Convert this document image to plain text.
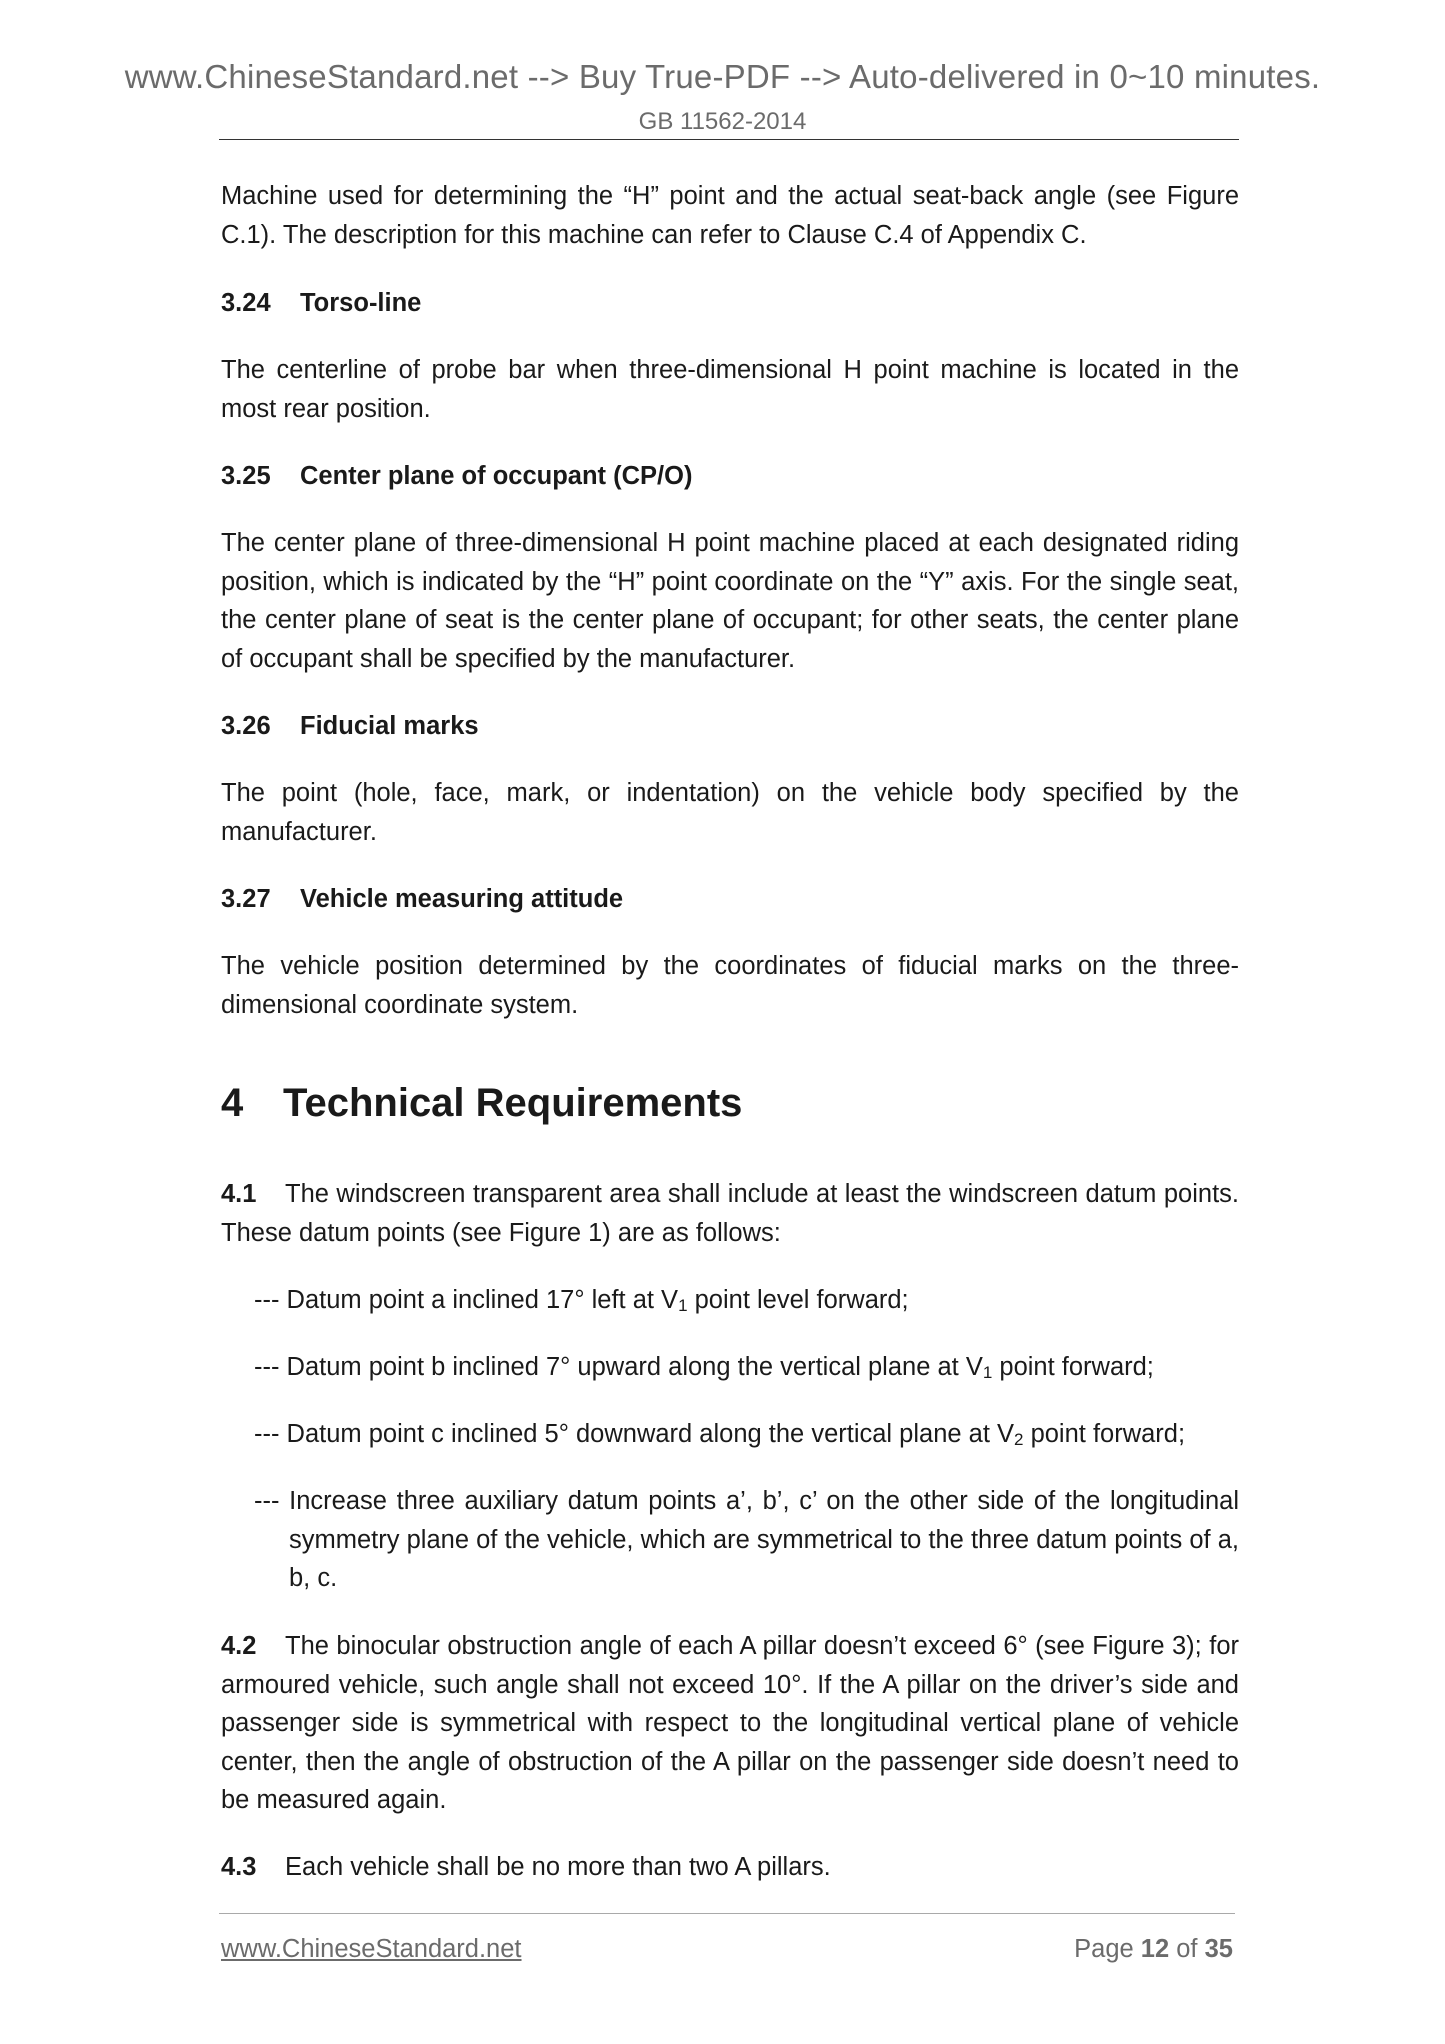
www.ChineseStandard.net --> Buy True-PDF --> Auto-delivered in 0~10 minutes.
GB 11562-2014
Machine used for determining the “H” point and the actual seat-back angle (see Figure C.1). The description for this machine can refer to Clause C.4 of Appendix C.
3.24 Torso-line
The centerline of probe bar when three-dimensional H point machine is located in the most rear position.
3.25 Center plane of occupant (CP/O)
The center plane of three-dimensional H point machine placed at each designated riding position, which is indicated by the “H” point coordinate on the “Y” axis. For the single seat, the center plane of seat is the center plane of occupant; for other seats, the center plane of occupant shall be specified by the manufacturer.
3.26 Fiducial marks
The point (hole, face, mark, or indentation) on the vehicle body specified by the manufacturer.
3.27 Vehicle measuring attitude
The vehicle position determined by the coordinates of fiducial marks on the three-dimensional coordinate system.
4 Technical Requirements
4.1 The windscreen transparent area shall include at least the windscreen datum points. These datum points (see Figure 1) are as follows:
--- Datum point a inclined 17° left at $V_1$ point level forward;
--- Datum point b inclined 7° upward along the vertical plane at $V_1$ point forward;
--- Datum point c inclined 5° downward along the vertical plane at $V_2$ point forward;
--- Increase three auxiliary datum points a’, b’, c’ on the other side of the longitudinal symmetry plane of the vehicle, which are symmetrical to the three datum points of a, b, c.
4.2 The binocular obstruction angle of each A pillar doesn’t exceed 6° (see Figure 3); for armoured vehicle, such angle shall not exceed 10°. If the A pillar on the driver’s side and passenger side is symmetrical with respect to the longitudinal vertical plane of vehicle center, then the angle of obstruction of the A pillar on the passenger side doesn’t need to be measured again.
4.3 Each vehicle shall be no more than two A pillars.
www.ChineseStandard.net	Page 12 of 35
